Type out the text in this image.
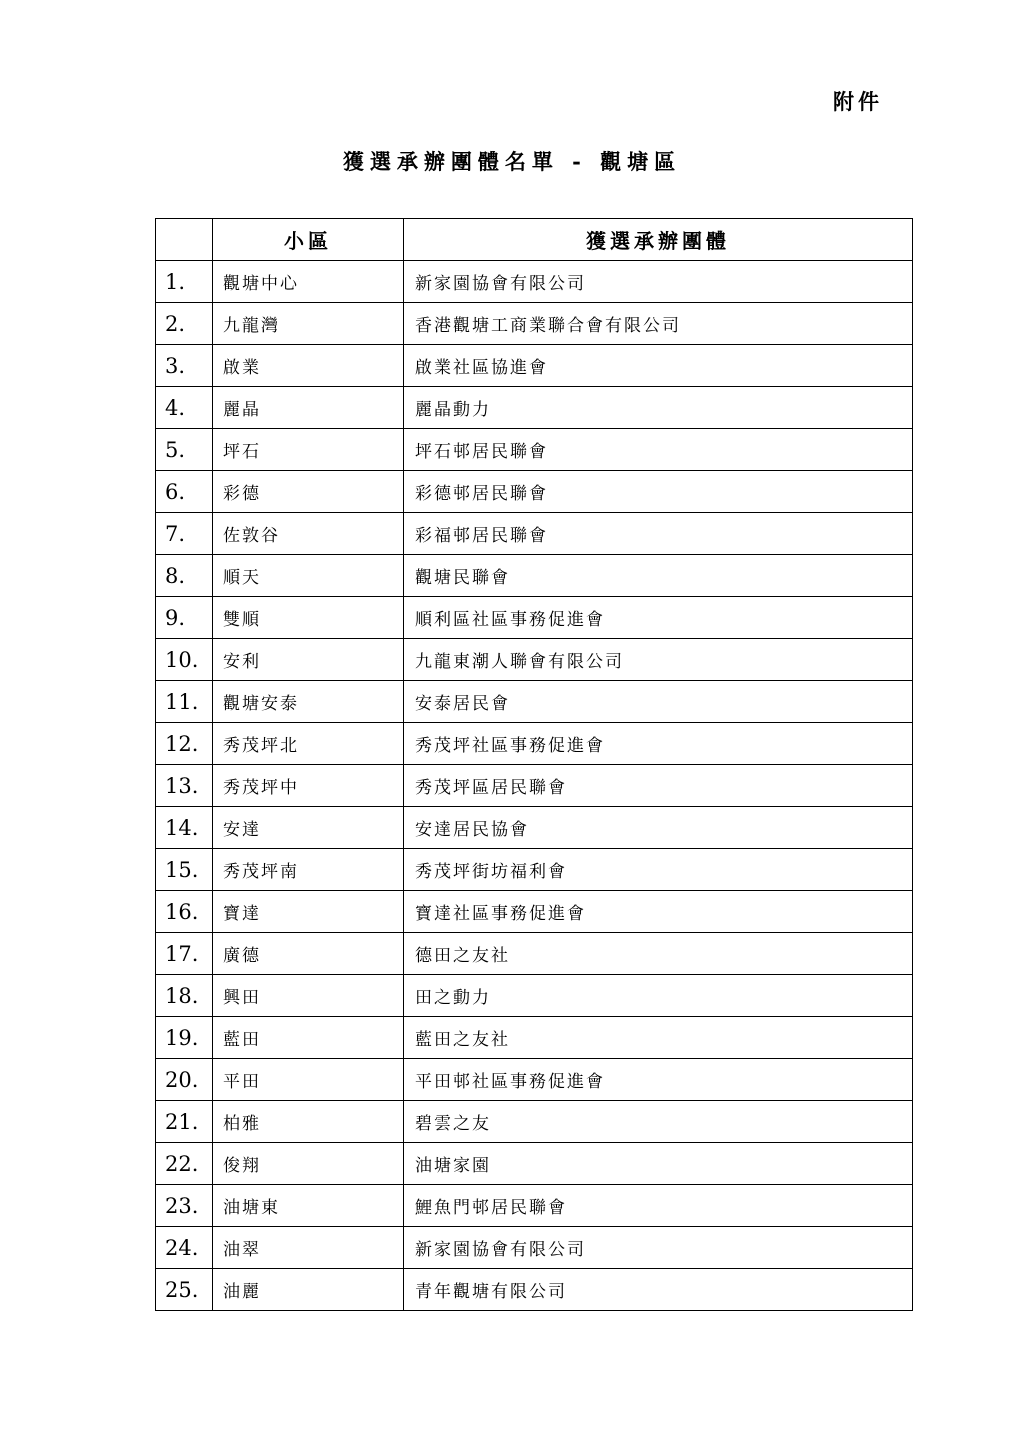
附件
獲選承辦團體名單 - 觀塘區
	小區	獲選承辦團體
1.	觀塘中心	新家園協會有限公司
2.	九龍灣	香港觀塘工商業聯合會有限公司
3.	啟業	啟業社區協進會
4.	麗晶	麗晶動力
5.	坪石	坪石邨居民聯會
6.	彩德	彩德邨居民聯會
7.	佐敦谷	彩福邨居民聯會
8.	順天	觀塘民聯會
9.	雙順	順利區社區事務促進會
10.	安利	九龍東潮人聯會有限公司
11.	觀塘安泰	安泰居民會
12.	秀茂坪北	秀茂坪社區事務促進會
13.	秀茂坪中	秀茂坪區居民聯會
14.	安達	安達居民協會
15.	秀茂坪南	秀茂坪街坊福利會
16.	寶達	寶達社區事務促進會
17.	廣德	德田之友社
18.	興田	田之動力
19.	藍田	藍田之友社
20.	平田	平田邨社區事務促進會
21.	柏雅	碧雲之友
22.	俊翔	油塘家園
23.	油塘東	鯉魚門邨居民聯會
24.	油翠	新家園協會有限公司
25.	油麗	青年觀塘有限公司
